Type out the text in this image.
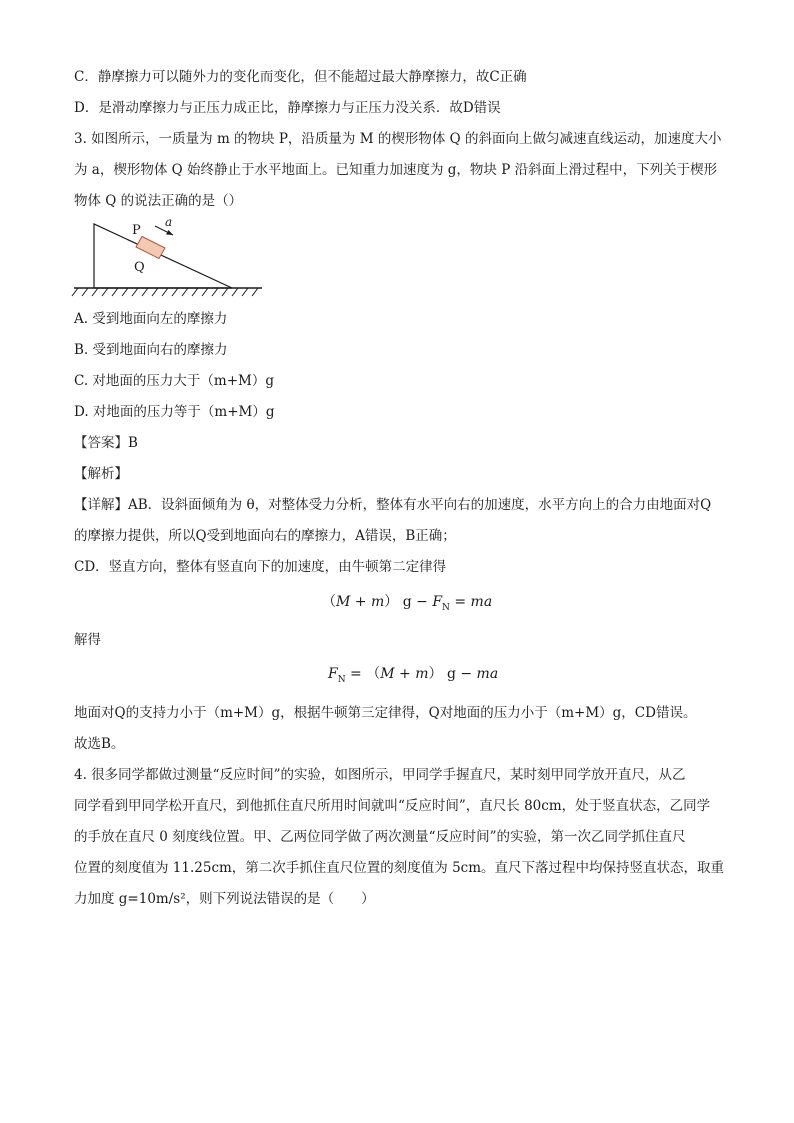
C．静摩擦力可以随外力的变化而变化，但不能超过最大静摩擦力，故C正确
D．是滑动摩擦力与正压力成正比，静摩擦力与正压力没关系．故D错误
3. 如图所示，一质量为 m 的物块 P，沿质量为 M 的楔形物体 Q 的斜面向上做匀减速直线运动，加速度大小
为 a，楔形物体 Q 始终静止于水平地面上。已知重力加速度为 g，物块 P 沿斜面上滑过程中，下列关于楔形
物体 Q 的说法正确的是（）
P
a
Q
A. 受到地面向左的摩擦力
B. 受到地面向右的摩擦力
C. 对地面的压力大于（m+M）g
D. 对地面的压力等于（m+M）g
【答案】B
【解析】
【详解】AB．设斜面倾角为 θ，对整体受力分析，整体有水平向右的加速度，水平方向上的合力由地面对Q
的摩擦力提供，所以Q受到地面向右的摩擦力，A错误，B正确；
CD．竖直方向，整体有竖直向下的加速度，由牛顿第二定律得
（M + m） $g - F_N$ = ma
解得
$F_N = (M + m) g$ − ma
地面对Q的支持力小于（m+M）g，根据牛顿第三定律得，Q对地面的压力小于（m+M）g，CD错误。
故选B。
4. 很多同学都做过测量“反应时间”的实验，如图所示，甲同学手握直尺，某时刻甲同学放开直尺，从乙
同学看到甲同学松开直尺，到他抓住直尺所用时间就叫“反应时间”，直尺长 80cm，处于竖直状态，乙同学
的手放在直尺 0 刻度线位置。甲、乙两位同学做了两次测量“反应时间”的实验，第一次乙同学抓住直尺
位置的刻度值为 11.25cm，第二次手抓住直尺位置的刻度值为 5cm。直尺下落过程中均保持竖直状态，取重
力加度 g=10m/s²，则下列说法错误的是（　　）
